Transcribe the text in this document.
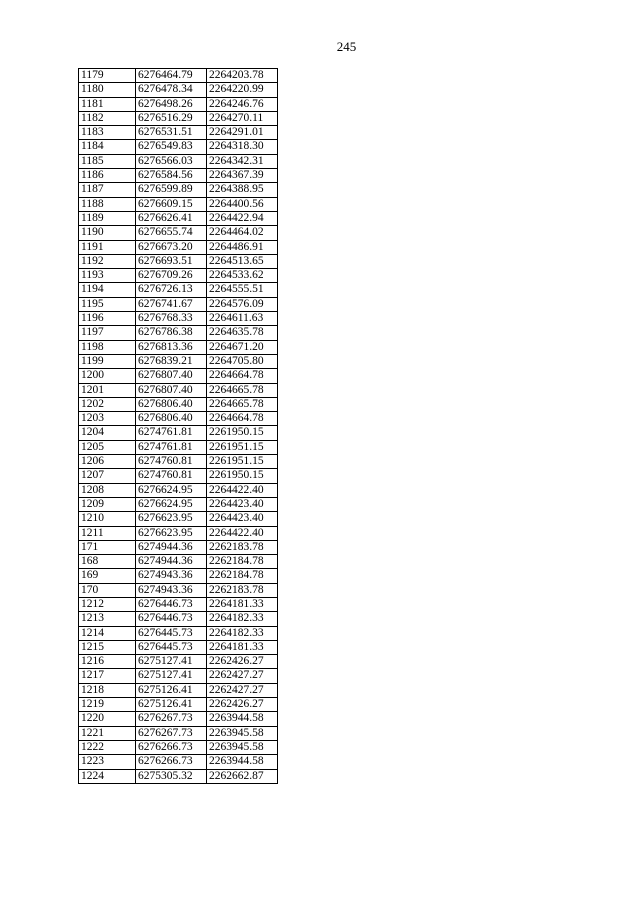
245
1179	6276464.79	2264203.78
1180	6276478.34	2264220.99
1181	6276498.26	2264246.76
1182	6276516.29	2264270.11
1183	6276531.51	2264291.01
1184	6276549.83	2264318.30
1185	6276566.03	2264342.31
1186	6276584.56	2264367.39
1187	6276599.89	2264388.95
1188	6276609.15	2264400.56
1189	6276626.41	2264422.94
1190	6276655.74	2264464.02
1191	6276673.20	2264486.91
1192	6276693.51	2264513.65
1193	6276709.26	2264533.62
1194	6276726.13	2264555.51
1195	6276741.67	2264576.09
1196	6276768.33	2264611.63
1197	6276786.38	2264635.78
1198	6276813.36	2264671.20
1199	6276839.21	2264705.80
1200	6276807.40	2264664.78
1201	6276807.40	2264665.78
1202	6276806.40	2264665.78
1203	6276806.40	2264664.78
1204	6274761.81	2261950.15
1205	6274761.81	2261951.15
1206	6274760.81	2261951.15
1207	6274760.81	2261950.15
1208	6276624.95	2264422.40
1209	6276624.95	2264423.40
1210	6276623.95	2264423.40
1211	6276623.95	2264422.40
171	6274944.36	2262183.78
168	6274944.36	2262184.78
169	6274943.36	2262184.78
170	6274943.36	2262183.78
1212	6276446.73	2264181.33
1213	6276446.73	2264182.33
1214	6276445.73	2264182.33
1215	6276445.73	2264181.33
1216	6275127.41	2262426.27
1217	6275127.41	2262427.27
1218	6275126.41	2262427.27
1219	6275126.41	2262426.27
1220	6276267.73	2263944.58
1221	6276267.73	2263945.58
1222	6276266.73	2263945.58
1223	6276266.73	2263944.58
1224	6275305.32	2262662.87
